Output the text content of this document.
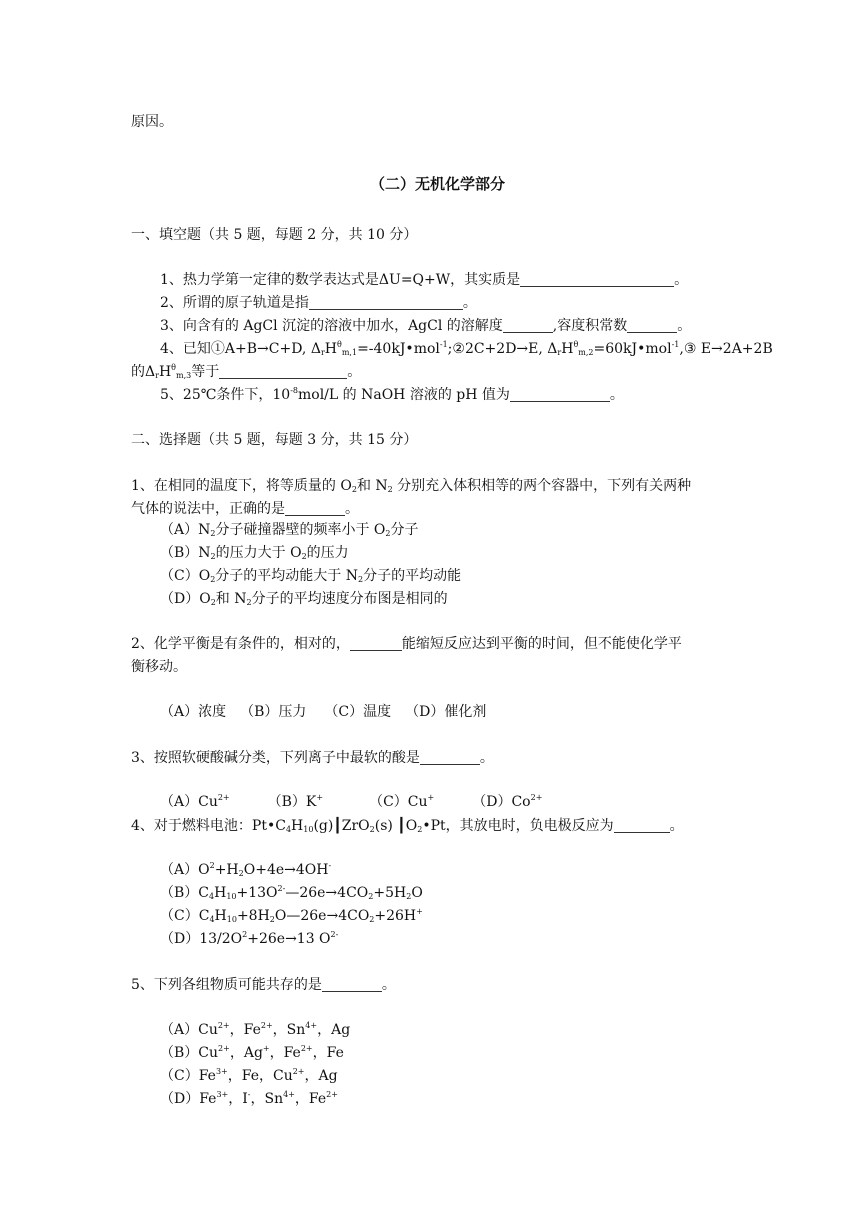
原因。
（二）无机化学部分
一、填空题（共 5 题，每题 2 分，共 10 分）
1、热力学第一定律的数学表达式是ΔU=Q+W，其实质是	。
2、所谓的原子轨道是指	。
3、向含有的 AgCl 沉淀的溶液中加水，AgCl 的溶解度	,容度积常数	。
4、已知①A+B→C+D, $\Delta_rH^\theta_{m,1}=-40kJ•mol^{-1};②2C+2D\to E$, $\Delta_rH^\theta_{m,2}=60kJ•mol^{-1},③$ E→2A+2B
的$\Delta_rH^\theta_{m,3}$等于	。
5、25℃条件下，$10^{-8}mol/L$ 的 NaOH 溶液的 pH 值为	。
二、选择题（共 5 题，每题 3 分，共 15 分）
1、在相同的温度下，将等质量的 $O_2$和 $N_2$ 分别充入体积相等的两个容器中，下列有关两种
气体的说法中，正确的是	。
$(A)N_2$分子碰撞器壁的频率小于 $O_2$分子
$(B)N_2$的压力大于 $O_2$的压力
$(C)O_2$分子的平均动能大于 $N_2$分子的平均动能
$(D)O_2$和 $N_2$分子的平均速度分布图是相同的
2、化学平衡是有条件的，相对的，	能缩短反应达到平衡的时间，但不能使化学平
衡移动。
（A）浓度 （B）压力 （C）温度 （D）催化剂
3、按照软硬酸碱分类，下列离子中最软的酸是	。
$(A)Cu^{2+}$	（B）K+	（C）Cu+	$(D)Co^{2+}$
4、对于燃料电池：$Pt•C_4H_{10}(g)┃ZrO_2(s)$ $┃O_2•Pt$，其放电时，负电极反应为	。
$(A)O^2+H_2O+4e\to 4OH^-$
$(B)C_4H_{10}+13O^{2-}—26e\to 4CO_2+5H_2O$
$(C)C_4H_{10}+8H_2O—26e\to 4CO_2+26H^+$
$(D)13/2O^2+26e\to 13$ $O^{2-}$
5、下列各组物质可能共存的是	。
$(A)Cu^{2+}$，$Fe^{2+}$，$Sn^{4+}$，Ag
$(B)Cu^{2+}$，Ag+，$Fe^{2+}$，Fe
$(C)Fe^{3+}$，Fe，$Cu^{2+}$，Ag
$(D)Fe^{3+}$，I-，$Sn^{4+}$，$Fe^{2+}$
